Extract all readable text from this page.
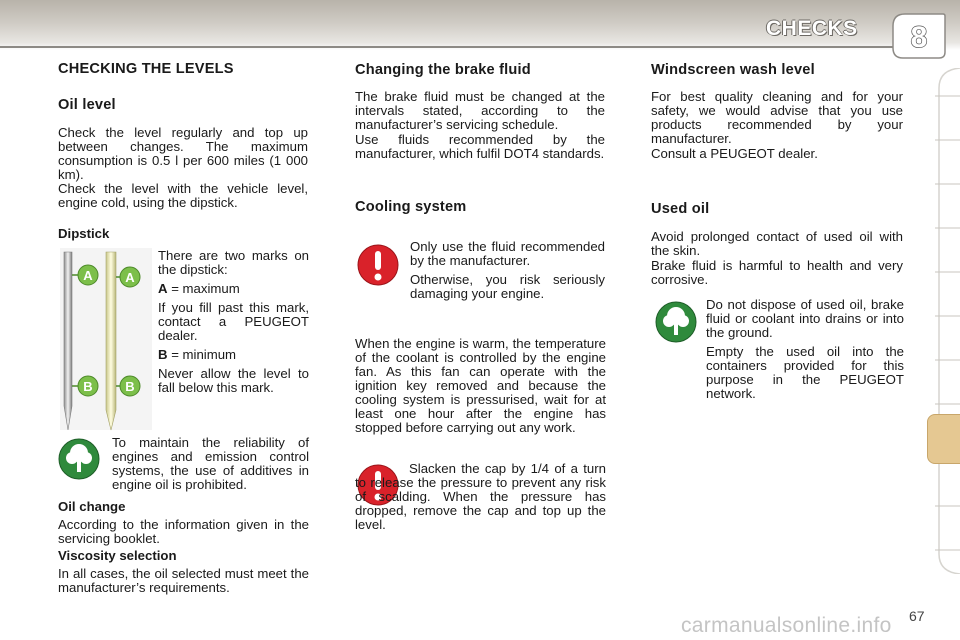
CHECKS 8
CHECKING THE LEVELS
Oil level

Check the level regularly and top up between changes. The maximum consumption is 0.5 l per 600 miles (1 000 km).

Check the level with the vehicle level, engine cold, using the dipstick.

Dipstick
A	A
B	B

There are two marks on the dipstick:

A = maximum

If you fill past this mark, contact a PEUGEOT dealer.

B = minimum

Never allow the level to fall below this mark.

To maintain the reliability of engines and emission control systems, the use of additives in engine oil is prohibited.

Oil change

According to the information given in the servicing booklet.

Viscosity selection

In all cases, the oil selected must meet the manufacturer’s requirements.

Changing the brake fluid

The brake fluid must be changed at the intervals stated, according to the manufacturer’s servicing schedule.

Use fluids recommended by the manufacturer, which fulfil DOT4 standards.

Cooling system

Only use the fluid recommended by the manufacturer.

Otherwise, you risk seriously damaging your engine.

When the engine is warm, the temperature of the coolant is controlled by the engine fan. As this fan can operate with the ignition key removed and because the cooling system is pressurised, wait for at least one hour after the engine has stopped before carrying out any work.

Slacken the cap by 1/4 of a turn to release the pressure to prevent any risk of scalding. When the pressure has dropped, remove the cap and top up the level.

Windscreen wash level

For best quality cleaning and for your safety, we would advise that you use products recommended by your manufacturer.

Consult a PEUGEOT dealer.

Used oil

Avoid prolonged contact of used oil with the skin.

Brake fluid is harmful to health and very corrosive.

Do not dispose of used oil, brake fluid or coolant into drains or into the ground.

Empty the used oil into the containers provided for this purpose in the PEUGEOT network.

67
carmanualsonline.info
